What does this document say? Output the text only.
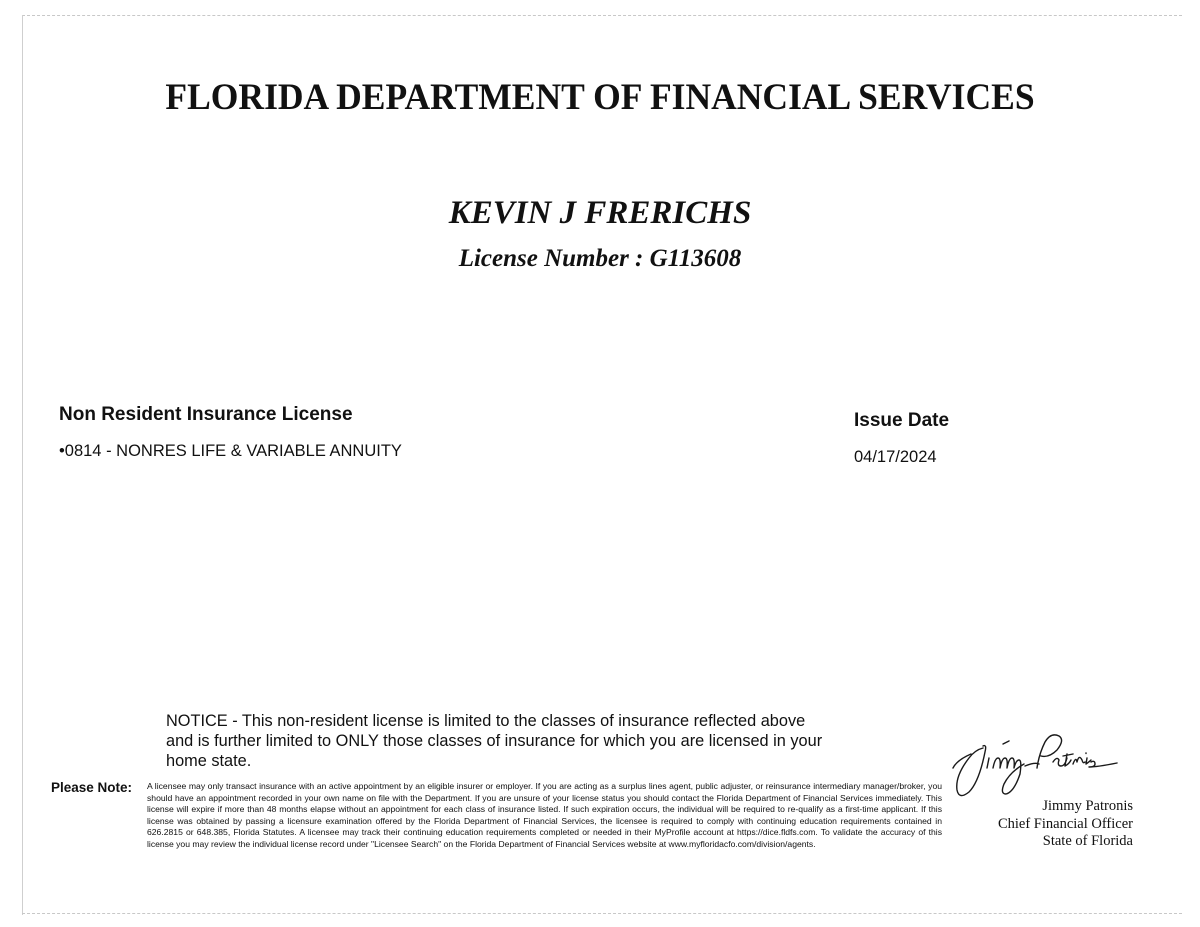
FLORIDA DEPARTMENT OF FINANCIAL SERVICES
KEVIN J FRERICHS
License Number : G113608
Non Resident Insurance License
•0814 - NONRES LIFE & VARIABLE ANNUITY
Issue Date
04/17/2024
NOTICE - This non-resident license is limited to the classes of insurance reflected above
and is further limited to ONLY those classes of insurance for which you are licensed in your
home state.
Please Note: A licensee may only transact insurance with an active appointment by an eligible insurer or employer. If you are acting as a surplus lines agent, public adjuster, or reinsurance intermediary manager/broker, you should have an appointment recorded in your own name on file with the Department. If you are unsure of your license status you should contact the Florida Department of Financial Services immediately. This license will expire if more than 48 months elapse without an appointment for each class of insurance listed. If such expiration occurs, the individual will be required to re-qualify as a first-time applicant. If this license was obtained by passing a licensure examination offered by the Florida Department of Financial Services, the licensee is required to comply with continuing education requirements contained in 626.2815 or 648.385, Florida Statutes. A licensee may track their continuing education requirements completed or needed in their MyProfile account at https://dice.fldfs.com. To validate the accuracy of this license you may review the individual license record under "Licensee Search" on the Florida Department of Financial Services website at www.myfloridacfo.com/division/agents.
Jimmy Patronis
Chief Financial Officer
State of Florida
